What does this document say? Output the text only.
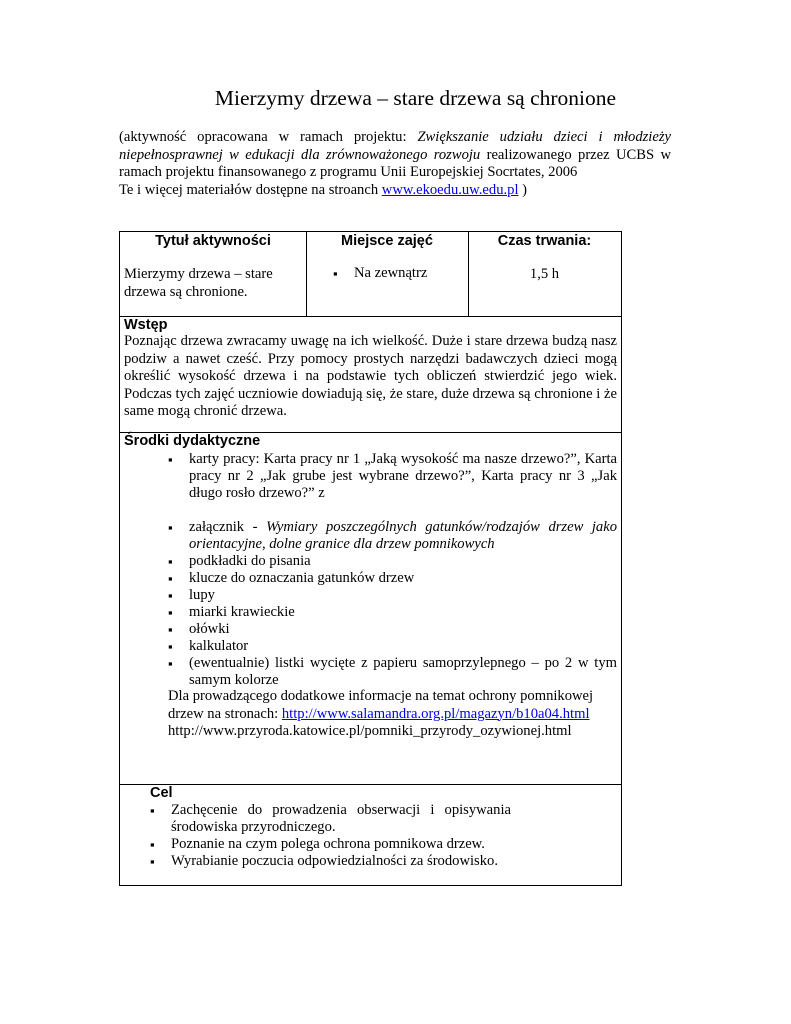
Mierzymy drzewa – stare drzewa są chronione
(aktywność opracowana w ramach projektu: Zwiększanie udziału dzieci i młodzieży niepełnosprawnej w edukacji dla zrównoważonego rozwoju realizowanego przez UCBS w ramach projektu finansowanego z programu Unii Europejskiej Socrtates, 2006
Te i więcej materiałów dostępne na stroanch www.ekoedu.uw.edu.pl )
Tytuł aktywności
Mierzymy drzewa – stare drzewa są chronione.
Miejsce zajęć
▪ Na zewnątrz
Czas trwania:
1,5 h
Wstęp
Poznając drzewa zwracamy uwagę na ich wielkość. Duże i stare drzewa budzą nasz podziw a nawet cześć. Przy pomocy prostych narzędzi badawczych dzieci mogą określić wysokość drzewa i na podstawie tych obliczeń stwierdzić jego wiek. Podczas tych zajęć uczniowie dowiadują się, że stare, duże drzewa są chronione i że same mogą chronić drzewa.
Środki dydaktyczne
▪ karty pracy: Karta pracy nr 1 „Jaką wysokość ma nasze drzewo?”, Karta pracy nr 2 „Jak grube jest wybrane drzewo?”, Karta pracy nr 3 „Jak długo rosło drzewo?” z
▪ załącznik - Wymiary poszczególnych gatunków/rodzajów drzew jako orientacyjne, dolne granice dla drzew pomnikowych
▪ podkładki do pisania
▪ klucze do oznaczania gatunków drzew
▪ lupy
▪ miarki krawieckie
▪ ołówki
▪ kalkulator
▪ (ewentualnie) listki wycięte z papieru samoprzylepnego – po 2 w tym samym kolorze
Dla prowadzącego dodatkowe informacje na temat ochrony pomnikowej
drzew na stronach: http://www.salamandra.org.pl/magazyn/b10a04.html
http://www.przyroda.katowice.pl/pomniki_przyrody_ozywionej.html
Cel
▪ Zachęcenie do prowadzenia obserwacji i opisywania środowiska przyrodniczego.
▪ Poznanie na czym polega ochrona pomnikowa drzew.
▪ Wyrabianie poczucia odpowiedzialności za środowisko.
